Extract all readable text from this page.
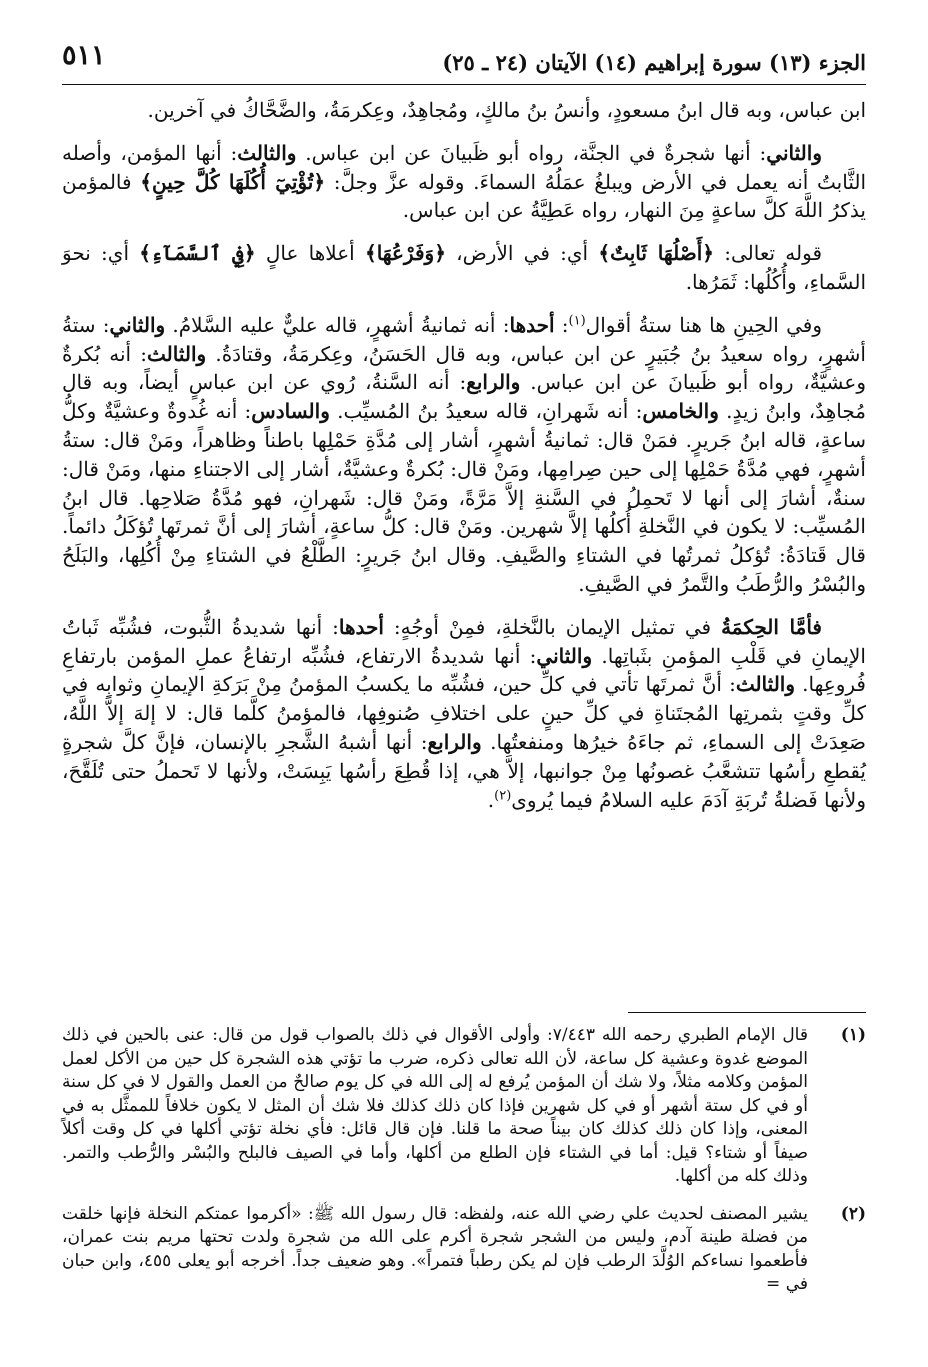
٥١١	الجزء (١٣) سورة إبراهيم (١٤) الآيتان (٢٤ ـ ٢٥)

ابن عباس، وبه قال ابنُ مسعودٍ، وأنسُ بنُ مالكٍ، ومُجاهِدٌ، وعِكرمَةُ، والضَّحَّاكُ في آخرين.

والثاني: أنها شجرةٌ في الجنَّة، رواه أبو ظَبيانَ عن ابن عباس. والثالث: أنها المؤمن، وأصله الثَّابتُ أنه يعمل في الأرض ويبلغُ عمَلُهُ السماءَ. وقوله عزَّ وجلَّ: ﴿تُؤْتِيٓ أُكُلَهَا كُلَّ حِينٍ﴾ فالمؤمن يذكرُ اللَّهَ كلَّ ساعةٍ مِنَ النهار، رواه عَطِيَّةُ عن ابن عباس.

قوله تعالى: ﴿أَصْلُهَا ثَابِتٌ﴾ أي: في الأرض، ﴿وَفَرْعُهَا﴾ أعلاها عالٍ ﴿فِي ٱلسَّمَآءِ﴾ أي: نحوَ السَّماءِ، وأُكُلُها: ثَمَرُها.

وفي الحِينِ ها هنا ستةُ أقوال$^{(١)}$: أحدها: أنه ثمانيةُ أشهرٍ، قاله عليٌّ عليه السَّلامُ. والثاني: ستةُ أشهرٍ، رواه سعيدُ بنُ جُبَيرٍ عن ابن عباس، وبه قال الحَسَنُ، وعِكرمَةُ، وقتادَةُ. والثالث: أنه بُكرةٌ وعشيَّةٌ، رواه أبو ظَبيانَ عن ابن عباس. والرابع: أنه السَّنةُ، رُوي عن ابن عباسٍ أيضاً، وبه قال مُجاهِدٌ، وابنُ زيدٍ. والخامس: أنه شَهرانِ، قاله سعيدُ بنُ المُسيِّب. والسادس: أنه غُدوةٌ وعشيَّةٌ وكلُّ ساعةٍ، قاله ابنُ جَريرٍ. فمَنْ قال: ثمانيةُ أشهرٍ، أشار إلى مُدَّةِ حَمْلِها باطناً وظاهراً، ومَنْ قال: ستةُ أشهرٍ، فهي مُدَّةُ حَمْلِها إلى حين صِرامِها، ومَنْ قال: بُكرةٌ وعشيَّةٌ، أشار إلى الاجتناءِ منها، ومَنْ قال: سنةٌ، أشارَ إلى أنها لا تَحمِلُ في السَّنةِ إلاَّ مَرَّةً، ومَنْ قال: شَهرانِ، فهو مُدَّةُ صَلاحِها. قال ابنُ المُسيِّب: لا يكون في النَّخلةِ أُكلُها إلاَّ شهرين. ومَنْ قال: كلُّ ساعةٍ، أشارَ إلى أنَّ ثمرتَها تُؤكَلُ دائماً. قال قَتادَةُ: تُؤكلُ ثمرتُها في الشتاءِ والصَّيفِ. وقال ابنُ جَريرٍ: الطَّلْعُ في الشتاءِ مِنْ أُكُلِها، والبَلَحُ والبُسْرُ والرُّطَبُ والتَّمرُ في الصَّيفِ.

فأمَّا الحِكمَةُ في تمثيل الإيمان بالنَّخلةِ، فمِنْ أوجُهٍ: أحدها: أنها شديدةُ الثُّبوت، فشُبِّه ثَباتُ الإيمانِ في قَلْبِ المؤمنِ بثَباتِها. والثاني: أنها شديدةُ الارتفاع، فشُبِّه ارتفاعُ عملِ المؤمن بارتفاعِ فُروعِها. والثالث: أنَّ ثمرتَها تأتي في كلِّ حين، فشُبِّه ما يكسبُ المؤمنُ مِنْ بَرَكةِ الإيمانِ وثوابِه في كلِّ وقتٍ بثمرتِها المُجتَناةِ في كلِّ حينٍ على اختلافِ صُنوفِها، فالمؤمنُ كلَّما قال: لا إلهَ إلاَّ اللَّهُ، صَعِدَتْ إلى السماءِ، ثم جاءَهُ خيرُها ومنفعتُها. والرابع: أنها أشبهُ الشَّجرِ بالإنسان، فإنَّ كلَّ شجرةٍ يُقطعِ رأسُها تتشعَّبُ غصونُها مِنْ جوانبها، إلاَّ هي، إذا قُطِعَ رأسُها يَبِسَتْ، ولأنها لا تَحملُ حتى تُلَقَّحَ، ولأنها فَضلةُ تُربَةِ آدَمَ عليه السلامُ فيما يُروى$^{(٢)}$.

(١)
قال الإمام الطبري رحمه الله ٧/٤٤٣: وأولى الأقوال في ذلك بالصواب قول من قال: عنى بالحين في ذلك الموضع غدوة وعشية كل ساعة، لأن الله تعالى ذكره، ضرب ما تؤتي هذه الشجرة كل حين من الأكل لعمل المؤمن وكلامه مثلاً، ولا شك أن المؤمن يُرفع له إلى الله في كل يوم صالحٌ من العمل والقول لا في كل سنة أو في كل ستة أشهر أو في كل شهرين فإذا كان ذلك كذلك فلا شك أن المثل لا يكون خلافاً للممثَّل به في المعنى، وإذا كان ذلك كذلك كان بيناً صحة ما قلنا. فإن قال قائل: فأي نخلة تؤتي أكلها في كل وقت أكلاً صيفاً أو شتاء؟ قيل: أما في الشتاء فإن الطلع من أكلها، وأما في الصيف فالبلح والبُسْر والرُّطب والتمر. وذلك كله من أكلها.
(٢)
يشير المصنف لحديث علي رضي الله عنه، ولفظه: قال رسول الله ﷺ: «أكرموا عمتكم النخلة فإنها خلقت من فضلة طينة آدم، وليس من الشجر شجرة أكرم على الله من شجرة ولدت تحتها مريم بنت عمران، فأطعموا نساءكم الوُلَّدَ الرطب فإن لم يكن رطباً فتمراً». وهو ضعيف جداً. أخرجه أبو يعلى ٤٥٥، وابن حبان في =
